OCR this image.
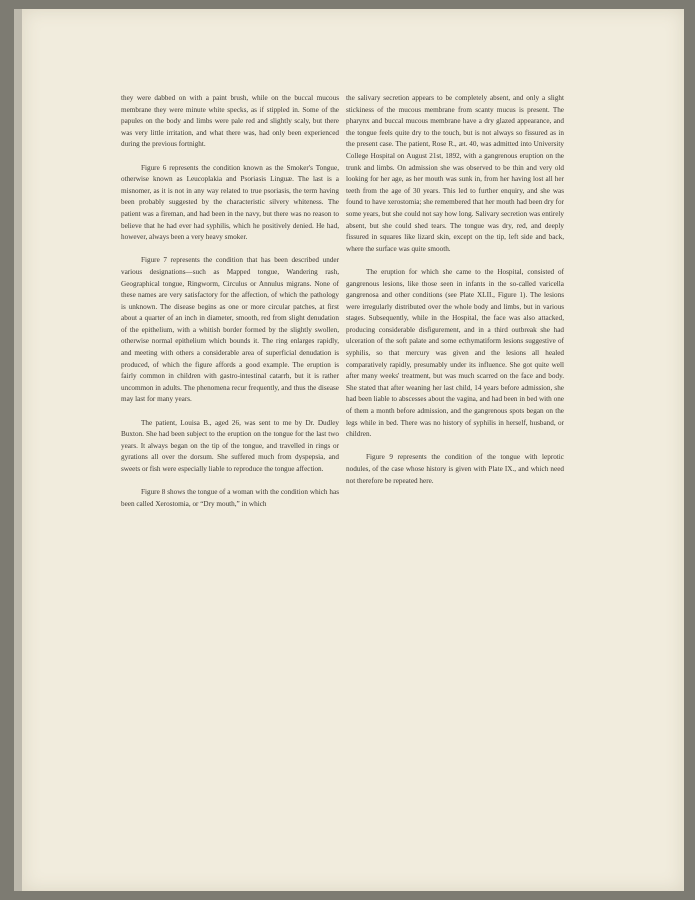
they were dabbed on with a paint brush, while on the buccal mucous membrane they were minute white specks, as if stippled in. Some of the papules on the body and limbs were pale red and slightly scaly, but there was very little irritation, and what there was, had only been experienced during the previous fortnight.

Figure 6 represents the condition known as the Smoker's Tongue, otherwise known as Leucoplakia and Psoriasis Linguæ. The last is a misnomer, as it is not in any way related to true psoriasis, the term having been probably suggested by the characteristic silvery whiteness. The patient was a fireman, and had been in the navy, but there was no reason to believe that he had ever had syphilis, which he positively denied. He had, however, always been a very heavy smoker.

Figure 7 represents the condition that has been described under various designations—such as Mapped tongue, Wandering rash, Geographical tongue, Ringworm, Circulus or Annulus migrans. None of these names are very satisfactory for the affection, of which the pathology is unknown. The disease begins as one or more circular patches, at first about a quarter of an inch in diameter, smooth, red from slight denudation of the epithelium, with a whitish border formed by the slightly swollen, otherwise normal epithelium which bounds it. The ring enlarges rapidly, and meeting with others a considerable area of superficial denudation is produced, of which the figure affords a good example. The eruption is fairly common in children with gastro-intestinal catarrh, but it is rather uncommon in adults. The phenomena recur frequently, and thus the disease may last for many years.

The patient, Louisa B., aged 26, was sent to me by Dr. Dudley Buxton. She had been subject to the eruption on the tongue for the last two years. It always began on the tip of the tongue, and travelled in rings or gyrations all over the dorsum. She suffered much from dyspepsia, and sweets or fish were especially liable to reproduce the tongue affection.

Figure 8 shows the tongue of a woman with the condition which has been called Xerostomia, or “Dry mouth,” in which

the salivary secretion appears to be completely absent, and only a slight stickiness of the mucous membrane from scanty mucus is present. The pharynx and buccal mucous membrane have a dry glazed appearance, and the tongue feels quite dry to the touch, but is not always so fissured as in the present case. The patient, Rose R., æt. 40, was admitted into University College Hospital on August 21st, 1892, with a gangrenous eruption on the trunk and limbs. On admission she was observed to be thin and very old looking for her age, as her mouth was sunk in, from her having lost all her teeth from the age of 30 years. This led to further enquiry, and she was found to have xerostomia; she remembered that her mouth had been dry for some years, but she could not say how long. Salivary secretion was entirely absent, but she could shed tears. The tongue was dry, red, and deeply fissured in squares like lizard skin, except on the tip, left side and back, where the surface was quite smooth.

The eruption for which she came to the Hospital, consisted of gangrenous lesions, like those seen in infants in the so-called varicella gangrenosa and other conditions (see Plate XLII., Figure 1). The lesions were irregularly distributed over the whole body and limbs, but in various stages. Subsequently, while in the Hospital, the face was also attacked, producing considerable disfigurement, and in a third outbreak she had ulceration of the soft palate and some ecthymatiform lesions suggestive of syphilis, so that mercury was given and the lesions all healed comparatively rapidly, presumably under its influence. She got quite well after many weeks' treatment, but was much scarred on the face and body. She stated that after weaning her last child, 14 years before admission, she had been liable to abscesses about the vagina, and had been in bed with one of them a month before admission, and the gangrenous spots began on the legs while in bed. There was no history of syphilis in herself, husband, or children.

Figure 9 represents the condition of the tongue with leprotic nodules, of the case whose history is given with Plate IX., and which need not therefore be repeated here.
